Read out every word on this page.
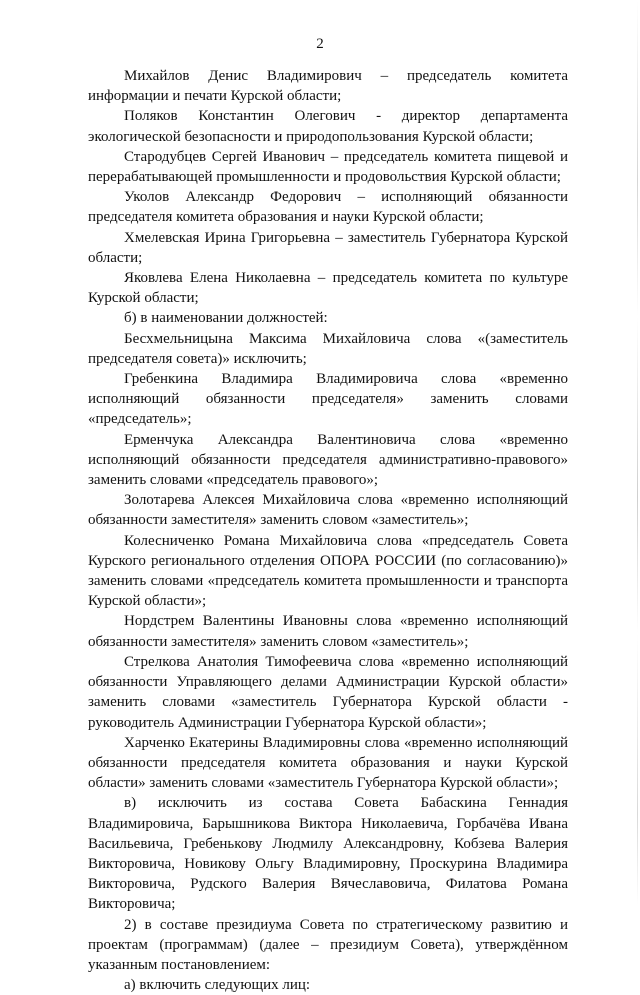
2

Михайлов Денис Владимирович – председатель комитета информации и печати Курской области;

Поляков Константин Олегович - директор департамента экологической безопасности и природопользования Курской области;

Стародубцев Сергей Иванович – председатель комитета пищевой и перерабатывающей промышленности и продовольствия Курской области;

Уколов Александр Федорович – исполняющий обязанности председателя комитета образования и науки Курской области;

Хмелевская Ирина Григорьевна – заместитель Губернатора Курской области;

Яковлева Елена Николаевна – председатель комитета по культуре Курской области;

б) в наименовании должностей:

Бесхмельницына Максима Михайловича слова «(заместитель председателя совета)» исключить;

Гребенкина Владимира Владимировича слова «временно исполняющий обязанности председателя» заменить словами «председатель»;

Ерменчука Александра Валентиновича слова «временно исполняющий обязанности председателя административно-правового» заменить словами «председатель правового»;

Золотарева Алексея Михайловича слова «временно исполняющий обязанности заместителя» заменить словом «заместитель»;

Колесниченко Романа Михайловича слова «председатель Совета Курского регионального отделения ОПОРА РОССИИ (по согласованию)» заменить словами «председатель комитета промышленности и транспорта Курской области»;

Нордстрем Валентины Ивановны слова «временно исполняющий обязанности заместителя» заменить словом «заместитель»;

Стрелкова Анатолия Тимофеевича слова «временно исполняющий обязанности Управляющего делами Администрации Курской области» заменить словами «заместитель Губернатора Курской области - руководитель Администрации Губернатора Курской области»;

Харченко Екатерины Владимировны слова «временно исполняющий обязанности председателя комитета образования и науки Курской области» заменить словами «заместитель Губернатора Курской области»;

в) исключить из состава Совета Бабаскина Геннадия Владимировича, Барышникова Виктора Николаевича, Горбачёва Ивана Васильевича, Гребенькову Людмилу Александровну, Кобзева Валерия Викторовича, Новикову Ольгу Владимировну, Проскурина Владимира Викторовича, Рудского Валерия Вячеславовича, Филатова Романа Викторовича;

2) в составе президиума Совета по стратегическому развитию и проектам (программам) (далее – президиум Совета), утверждённом указанным постановлением:

а) включить следующих лиц:
